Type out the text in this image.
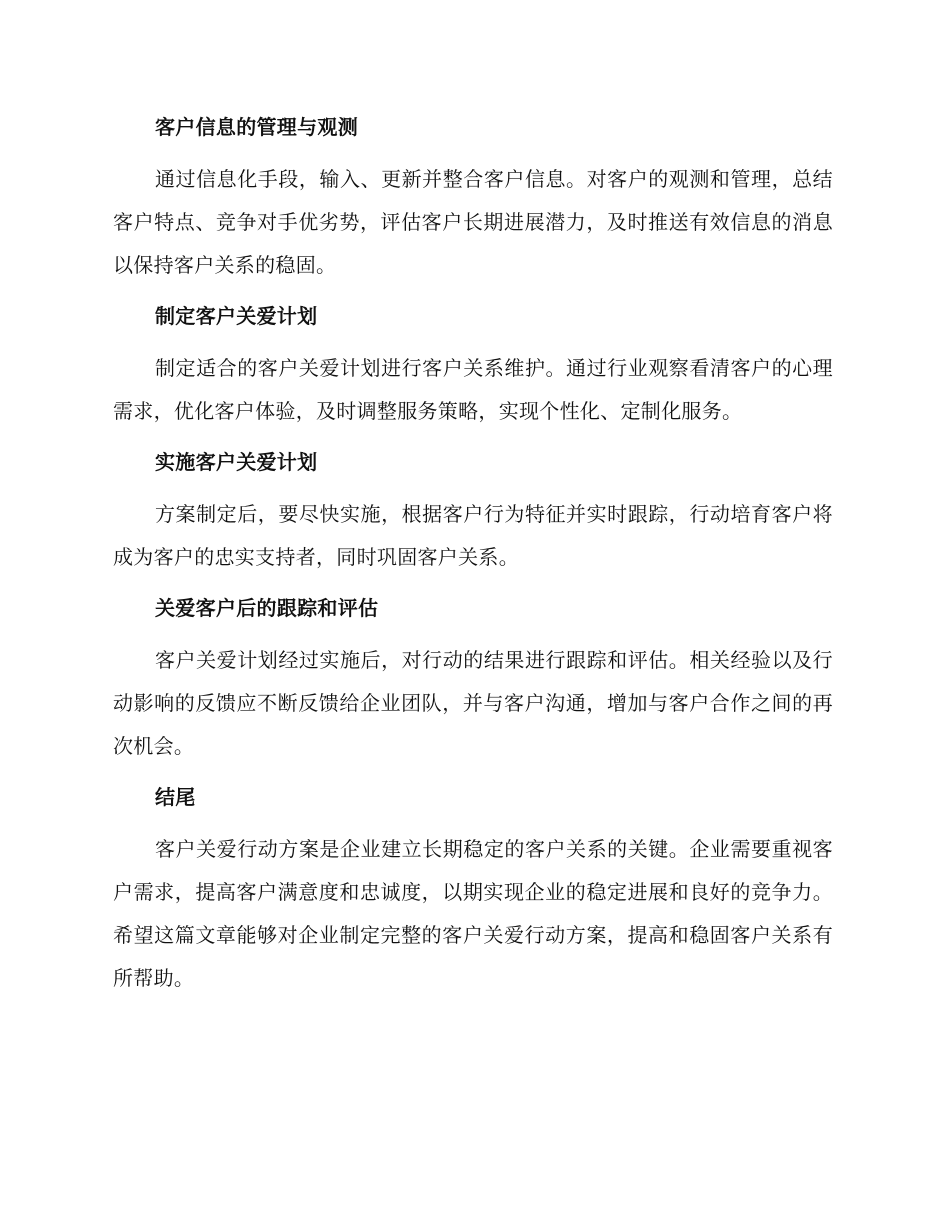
客户信息的管理与观测
通过信息化手段，输入、更新并整合客户信息。对客户的观测和管理，总结客户特点、竞争对手优劣势，评估客户长期进展潜力，及时推送有效信息的消息以保持客户关系的稳固。
制定客户关爱计划
制定适合的客户关爱计划进行客户关系维护。通过行业观察看清客户的心理需求，优化客户体验，及时调整服务策略，实现个性化、定制化服务。
实施客户关爱计划
方案制定后，要尽快实施，根据客户行为特征并实时跟踪，行动培育客户将成为客户的忠实支持者，同时巩固客户关系。
关爱客户后的跟踪和评估
客户关爱计划经过实施后，对行动的结果进行跟踪和评估。相关经验以及行动影响的反馈应不断反馈给企业团队，并与客户沟通，增加与客户合作之间的再次机会。
结尾
客户关爱行动方案是企业建立长期稳定的客户关系的关键。企业需要重视客户需求，提高客户满意度和忠诚度，以期实现企业的稳定进展和良好的竞争力。希望这篇文章能够对企业制定完整的客户关爱行动方案，提高和稳固客户关系有所帮助。
